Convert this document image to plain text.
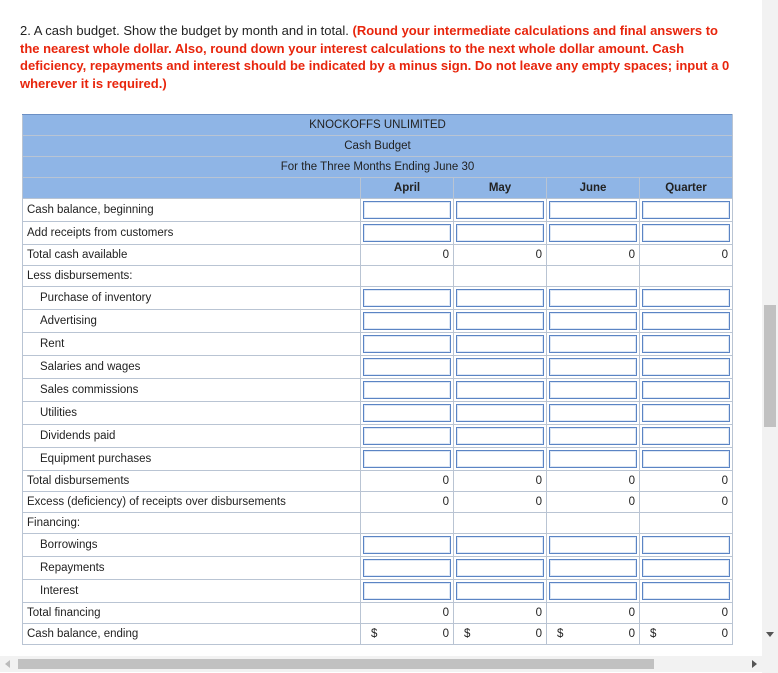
2. A cash budget. Show the budget by month and in total. (Round your intermediate calculations and final answers to the nearest whole dollar. Also, round down your interest calculations to the next whole dollar amount. Cash deficiency, repayments and interest should be indicated by a minus sign. Do not leave any empty spaces; input a 0 wherever it is required.)
KNOCKOFFS UNLIMITED				
Cash Budget				
For the Three Months Ending June 30				
	April	May	June	Quarter
Cash balance, beginning	

Add receipts from customers	

Total cash available	0	0	0	0
Less disbursements:				
Purchase of inventory	

Advertising	

Rent	

Salaries and wages	

Sales commissions	

Utilities	

Dividends paid	

Equipment purchases	

Total disbursements	0	0	0	0
Excess (deficiency) of receipts over disbursements	0	0	0	0
Financing:				
Borrowings	

Repayments	

Interest	

Total financing	0	0	0	0
Cash balance, ending	$ 0	$ 0	$ 0	$ 0
